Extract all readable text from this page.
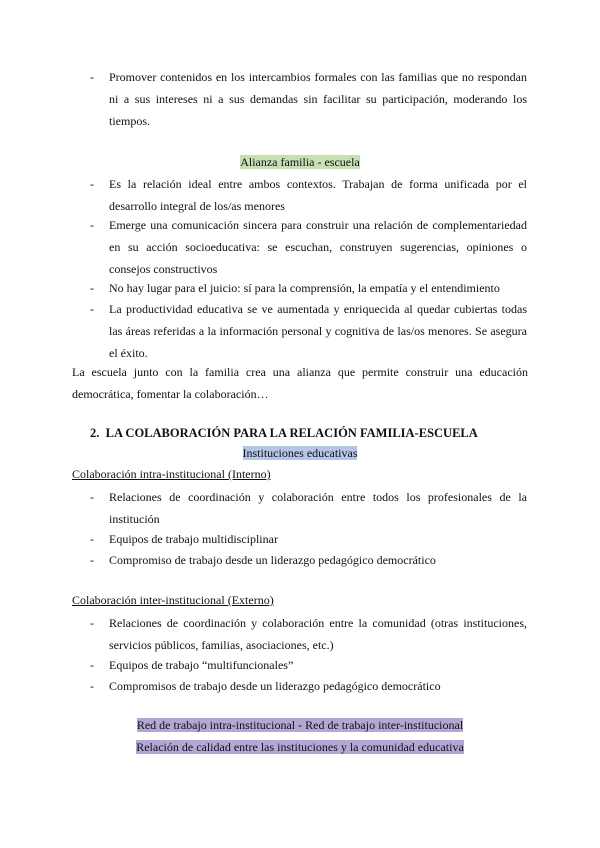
- Promover contenidos en los intercambios formales con las familias que no respondan ni a sus intereses ni a sus demandas sin facilitar su participación, moderando los tiempos.
Alianza familia - escuela
- Es la relación ideal entre ambos contextos. Trabajan de forma unificada por el desarrollo integral de los/as menores
- Emerge una comunicación sincera para construir una relación de complementariedad en su acción socioeducativa: se escuchan, construyen sugerencias, opiniones o consejos constructivos
- No hay lugar para el juicio: sí para la comprensión, la empatía y el entendimiento
- La productividad educativa se ve aumentada y enriquecida al quedar cubiertas todas las áreas referidas a la información personal y cognitiva de las/os menores. Se asegura el éxito.
La escuela junto con la familia crea una alianza que permite construir una educación democrática, fomentar la colaboración…
2. LA COLABORACIÓN PARA LA RELACIÓN FAMILIA-ESCUELA
Instituciones educativas
Colaboración intra-institucional (Interno)
- Relaciones de coordinación y colaboración entre todos los profesionales de la institución
- Equipos de trabajo multidisciplinar
- Compromiso de trabajo desde un liderazgo pedagógico democrático
Colaboración inter-institucional (Externo)
- Relaciones de coordinación y colaboración entre la comunidad (otras instituciones, servicios públicos, familias, asociaciones, etc.)
- Equipos de trabajo “multifuncionales”
- Compromisos de trabajo desde un liderazgo pedagógico democrático
Red de trabajo intra-institucional - Red de trabajo inter-institucional
Relación de calidad entre las instituciones y la comunidad educativa
